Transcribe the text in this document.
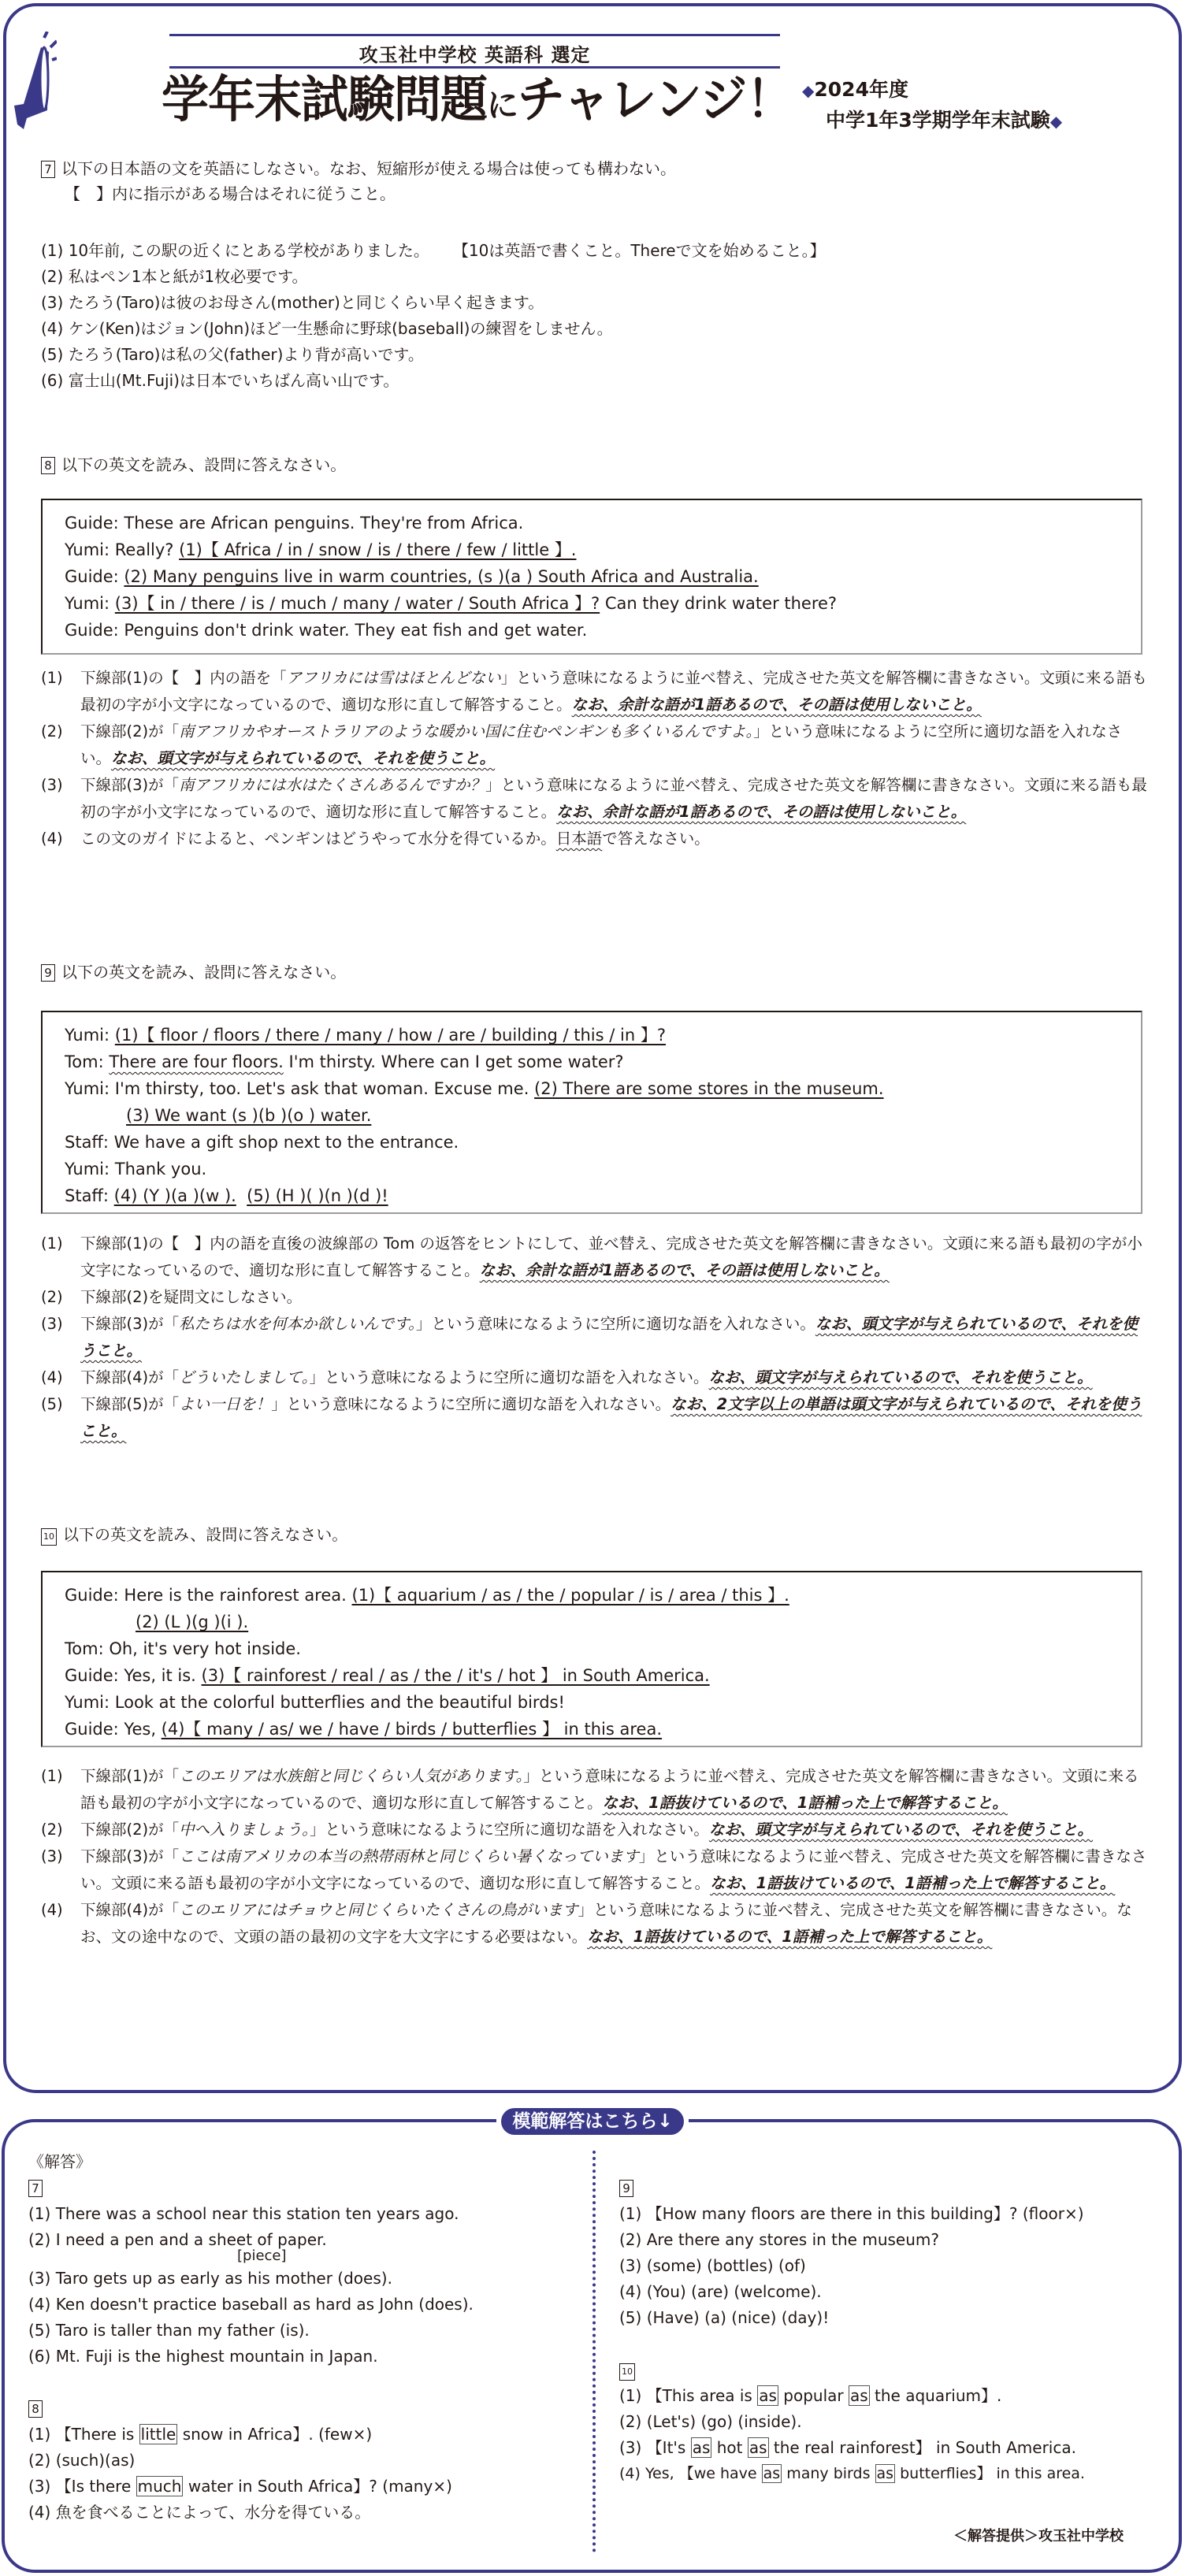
攻玉社中学校 英語科 選定
学年末試験問題にチャレンジ！ ◆2024年度
中学1年3学期学年末試験◆
7 以下の日本語の文を英語にしなさい。なお、短縮形が使える場合は使っても構わない。
【　】内に指示がある場合はそれに従うこと。
(1) 10年前, この駅の近くにとある学校がありました。 【10は英語で書くこと。Thereで文を始めること。】
(2) 私はペン1本と紙が1枚必要です。
(3) たろう(Taro)は彼のお母さん(mother)と同じくらい早く起きます。
(4) ケン(Ken)はジョン(John)ほど一生懸命に野球(baseball)の練習をしません。
(5) たろう(Taro)は私の父(father)より背が高いです。
(6) 富士山(Mt.Fuji)は日本でいちばん高い山です。
8 以下の英文を読み、設問に答えなさい。
Guide: These are African penguins. They're from Africa.
Yumi: Really? (1)【 Africa / in / snow / is / there / few / little 】.
Guide: (2) Many penguins live in warm countries, (s )(a ) South Africa and Australia.
Yumi: (3)【 in / there / is / much / many / water / South Africa 】? Can they drink water there?
Guide: Penguins don't drink water. They eat fish and get water.
(1)	下線部(1)の【　】内の語を「アフリカには雪はほとんどない」という意味になるように並べ替え、完成させた英文を解答欄に書きなさい。文頭に来る語も最初の字が小文字になっているので、適切な形に直して解答すること。なお、余計な語が1語あるので、その語は使用しないこと。
(2)	下線部(2)が「南アフリカやオーストラリアのような暖かい国に住むペンギンも多くいるんですよ。」という意味になるように空所に適切な語を入れなさい。なお、頭文字が与えられているので、それを使うこと。
(3)	下線部(3)が「南アフリカには水はたくさんあるんですか？」という意味になるように並べ替え、完成させた英文を解答欄に書きなさい。文頭に来る語も最初の字が小文字になっているので、適切な形に直して解答すること。なお、余計な語が1語あるので、その語は使用しないこと。
(4)	この文のガイドによると、ペンギンはどうやって水分を得ているか。日本語で答えなさい。
9 以下の英文を読み、設問に答えなさい。
Yumi: (1)【 floor / floors / there / many / how / are / building / this / in 】?
Tom: There are four floors. I'm thirsty. Where can I get some water?
Yumi: I'm thirsty, too. Let's ask that woman. Excuse me. (2) There are some stores in the museum.
(3) We want (s )(b )(o ) water.
Staff: We have a gift shop next to the entrance.
Yumi: Thank you.
Staff: (4) (Y )(a )(w ). (5) (H )( )(n )(d )!
(1)	下線部(1)の【　】内の語を直後の波線部の Tom の返答をヒントにして、並べ替え、完成させた英文を解答欄に書きなさい。文頭に来る語も最初の字が小文字になっているので、適切な形に直して解答すること。なお、余計な語が1語あるので、その語は使用しないこと。
(2)	下線部(2)を疑問文にしなさい。
(3)	下線部(3)が「私たちは水を何本か欲しいんです。」という意味になるように空所に適切な語を入れなさい。なお、頭文字が与えられているので、それを使うこと。
(4)	下線部(4)が「どういたしまして。」という意味になるように空所に適切な語を入れなさい。なお、頭文字が与えられているので、それを使うこと。
(5)	下線部(5)が「よい一日を！」という意味になるように空所に適切な語を入れなさい。なお、2文字以上の単語は頭文字が与えられているので、それを使うこと。
10 以下の英文を読み、設問に答えなさい。
Guide: Here is the rainforest area. (1)【 aquarium / as / the / popular / is / area / this 】.
(2) (L )(g )(i ).
Tom: Oh, it's very hot inside.
Guide: Yes, it is. (3)【 rainforest / real / as / the / it's / hot 】 in South America.
Yumi: Look at the colorful butterflies and the beautiful birds!
Guide: Yes, (4)【 many / as/ we / have / birds / butterflies 】 in this area.
(1)	下線部(1)が「このエリアは水族館と同じくらい人気があります。」という意味になるように並べ替え、完成させた英文を解答欄に書きなさい。文頭に来る語も最初の字が小文字になっているので、適切な形に直して解答すること。なお、1語抜けているので、1語補った上で解答すること。
(2)	下線部(2)が「中へ入りましょう。」という意味になるように空所に適切な語を入れなさい。なお、頭文字が与えられているので、それを使うこと。
(3)	下線部(3)が「ここは南アメリカの本当の熱帯雨林と同じくらい暑くなっています」という意味になるように並べ替え、完成させた英文を解答欄に書きなさい。文頭に来る語も最初の字が小文字になっているので、適切な形に直して解答すること。なお、1語抜けているので、1語補った上で解答すること。
(4)	下線部(4)が「このエリアにはチョウと同じくらいたくさんの鳥がいます」という意味になるように並べ替え、完成させた英文を解答欄に書きなさい。なお、文の途中なので、文頭の語の最初の文字を大文字にする必要はない。なお、1語抜けているので、1語補った上で解答すること。
模範解答はこちら↓
《解答》
7
(1) There was a school near this station ten years ago.
(2) I need a pen and a sheet of paper.
[piece]
(3) Taro gets up as early as his mother (does).
(4) Ken doesn't practice baseball as hard as John (does).
(5) Taro is taller than my father (is).
(6) Mt. Fuji is the highest mountain in Japan.

8
(1) 【There is little snow in Africa】. (few×)
(2) (such)(as)
(3) 【Is there much water in South Africa】? (many×)
(4) 魚を食べることによって、水分を得ている。
9
(1) 【How many floors are there in this building】? (floor×)
(2) Are there any stores in the museum?
(3) (some) (bottles) (of)
(4) (You) (are) (welcome).
(5) (Have) (a) (nice) (day)!

10
(1) 【This area is as popular as the aquarium】.
(2) (Let's) (go) (inside).
(3) 【It's as hot as the real rainforest】 in South America.
(4) Yes, 【we have as many birds as butterflies】 in this area.
＜解答提供＞攻玉社中学校
